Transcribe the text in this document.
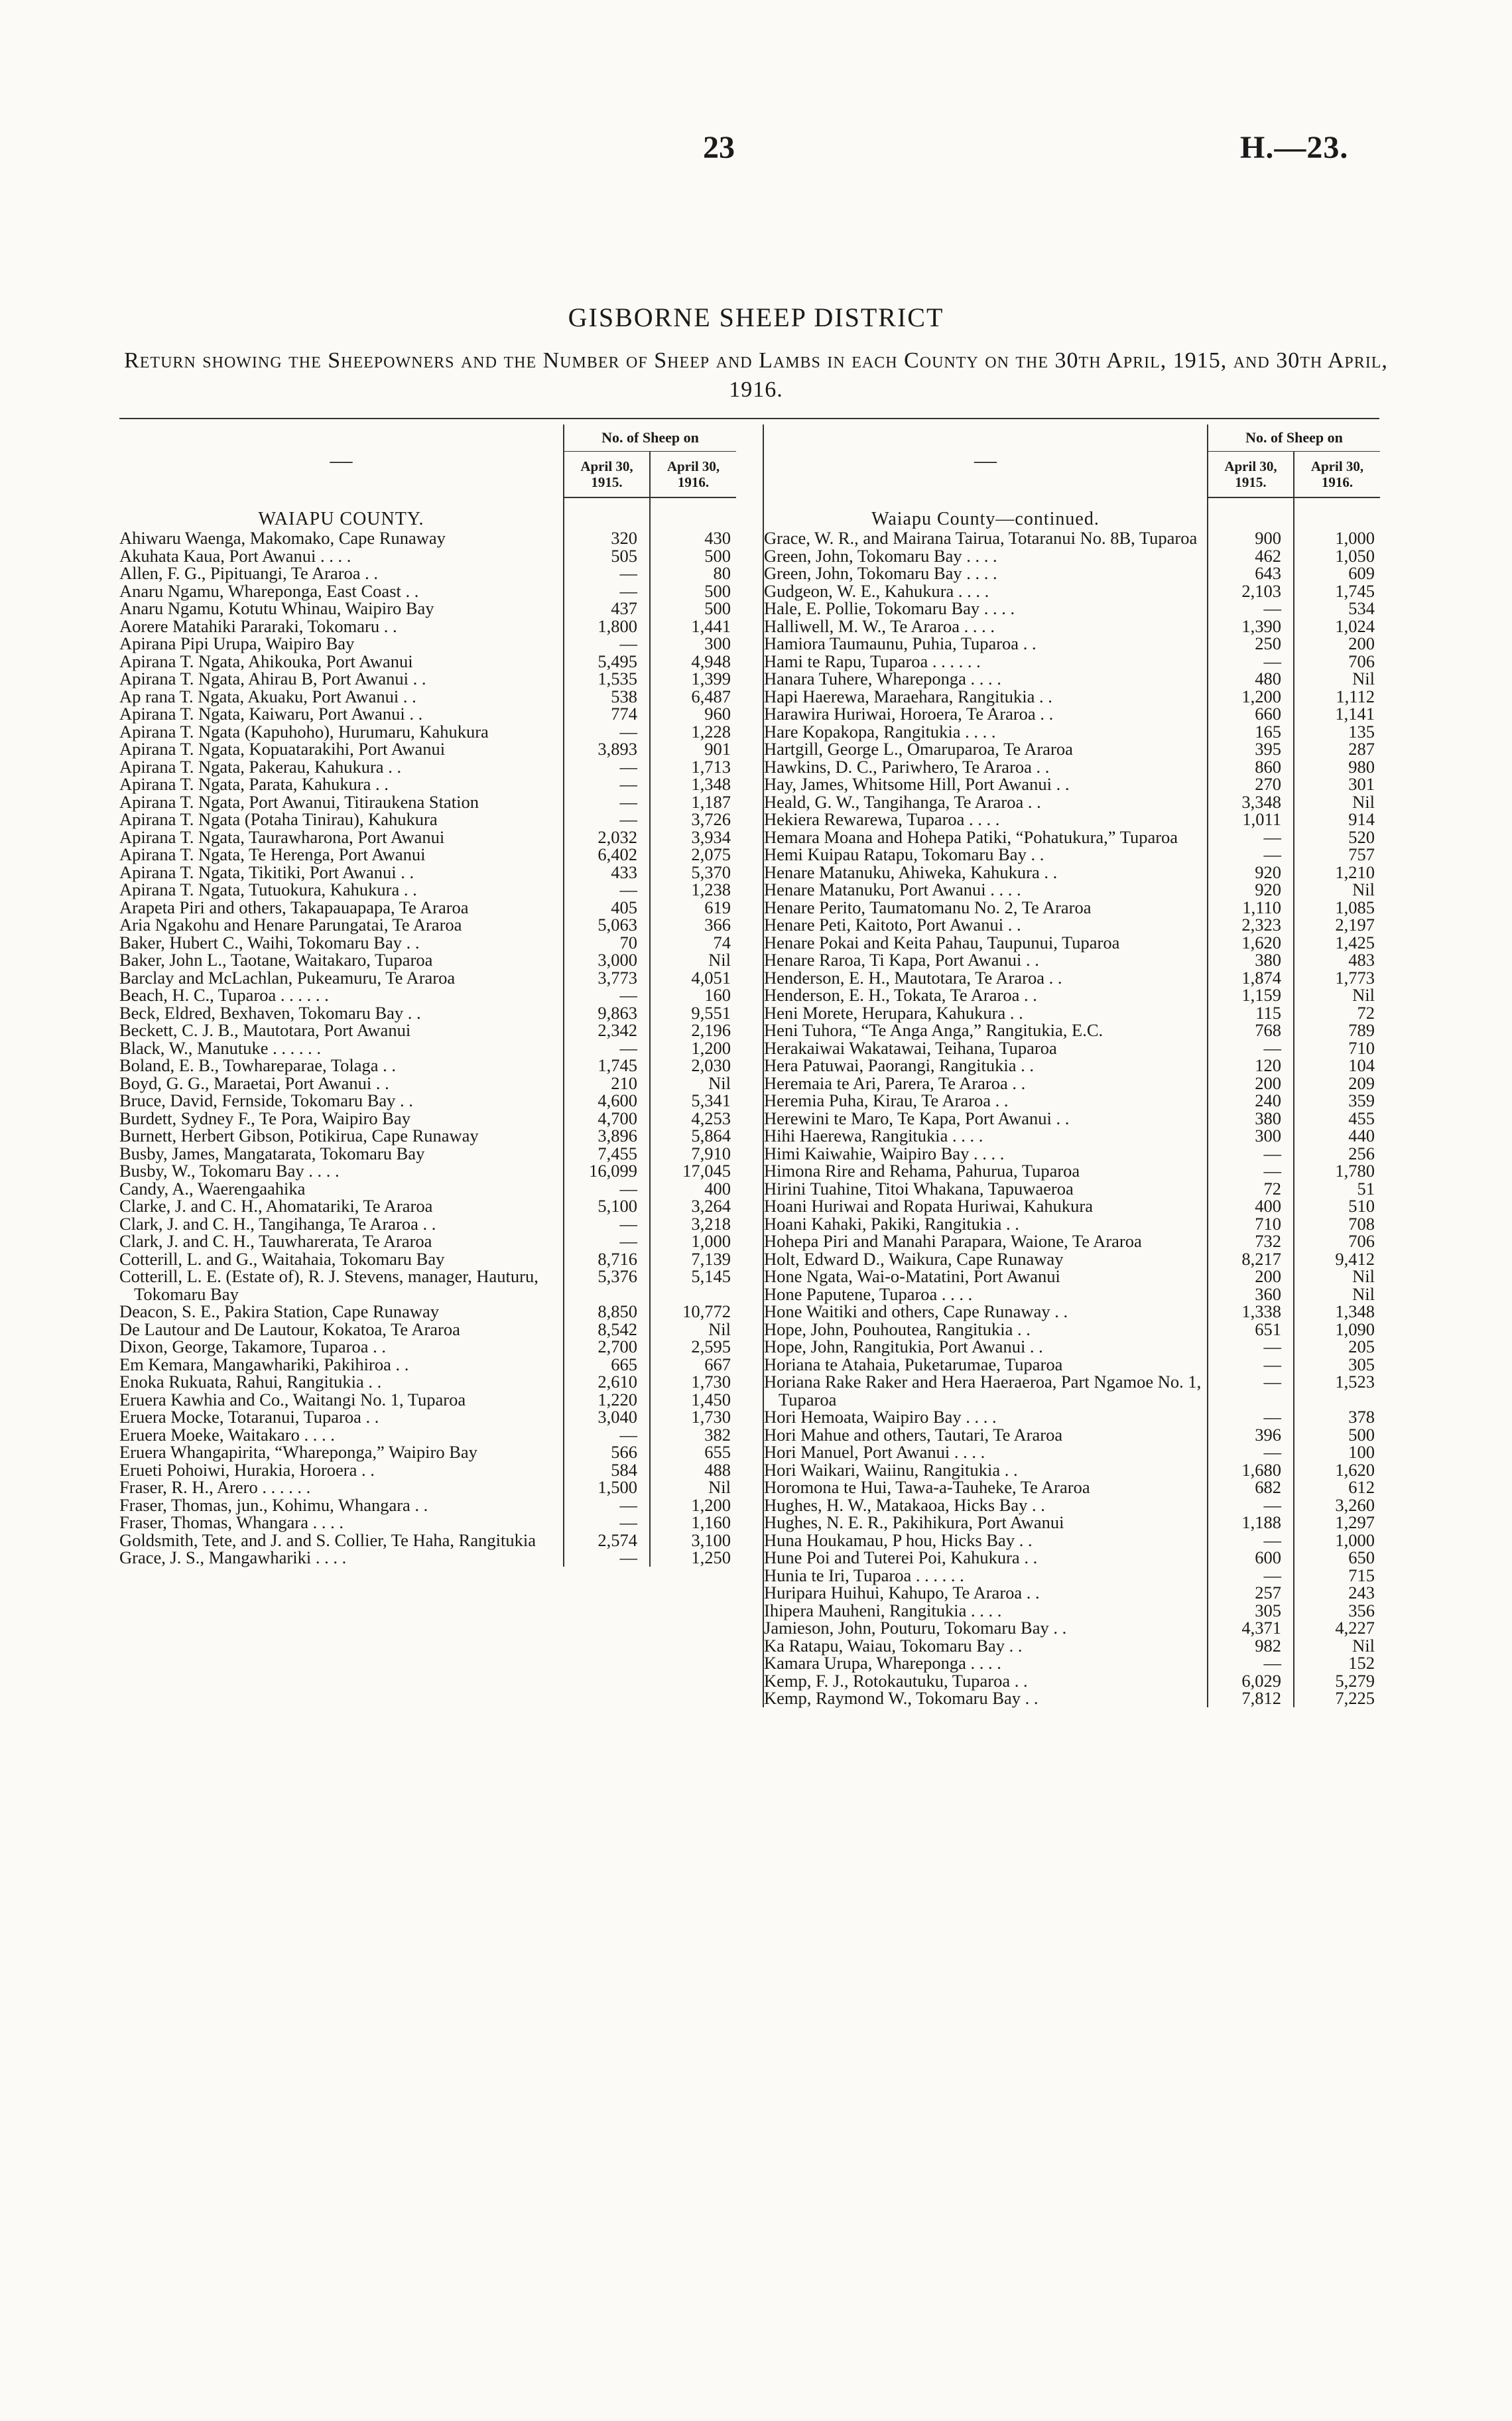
23	H.—23.
GISBORNE SHEEP DISTRICT
Return showing the Sheepowners and the Number of Sheep and Lambs in each County on the 30th April, 1915, and 30th April, 1916.
—	No. of Sheep on	
	April 30, 1915.	April 30, 1916.
WAIAPU COUNTY.		
Ahiwaru Waenga, Makomako, Cape Runaway	320	430
Akuhata Kaua, Port Awanui . . . .	505	500
Allen, F. G., Pipituangi, Te Araroa . .	—	80
Anaru Ngamu, Whareponga, East Coast . .	—	500
Anaru Ngamu, Kotutu Whinau, Waipiro Bay	437	500
Aorere Matahiki Pararaki, Tokomaru . .	1,800	1,441
Apirana Pipi Urupa, Waipiro Bay	—	300
Apirana T. Ngata, Ahikouka, Port Awanui	5,495	4,948
Apirana T. Ngata, Ahirau B, Port Awanui . .	1,535	1,399
Ap rana T. Ngata, Akuaku, Port Awanui . .	538	6,487
Apirana T. Ngata, Kaiwaru, Port Awanui . .	774	960
Apirana T. Ngata (Kapuhoho), Hurumaru, Kahukura	—	1,228
Apirana T. Ngata, Kopuatarakihi, Port Awanui	3,893	901
Apirana T. Ngata, Pakerau, Kahukura . .	—	1,713
Apirana T. Ngata, Parata, Kahukura . .	—	1,348
Apirana T. Ngata, Port Awanui, Titiraukena Station	—	1,187
Apirana T. Ngata (Potaha Tinirau), Kahukura	—	3,726
Apirana T. Ngata, Taurawharona, Port Awanui	2,032	3,934
Apirana T. Ngata, Te Herenga, Port Awanui	6,402	2,075
Apirana T. Ngata, Tikitiki, Port Awanui . .	433	5,370
Apirana T. Ngata, Tutuokura, Kahukura . .	—	1,238
Arapeta Piri and others, Takapauapapa, Te Araroa	405	619
Aria Ngakohu and Henare Parungatai, Te Araroa	5,063	366
Baker, Hubert C., Waihi, Tokomaru Bay . .	70	74
Baker, John L., Taotane, Waitakaro, Tuparoa	3,000	Nil
Barclay and McLachlan, Pukeamuru, Te Araroa	3,773	4,051
Beach, H. C., Tuparoa . . . . . .	—	160
Beck, Eldred, Bexhaven, Tokomaru Bay . .	9,863	9,551
Beckett, C. J. B., Mautotara, Port Awanui	2,342	2,196
Black, W., Manutuke . . . . . .	—	1,200
Boland, E. B., Towhareparae, Tolaga . .	1,745	2,030
Boyd, G. G., Maraetai, Port Awanui . .	210	Nil
Bruce, David, Fernside, Tokomaru Bay . .	4,600	5,341
Burdett, Sydney F., Te Pora, Waipiro Bay	4,700	4,253
Burnett, Herbert Gibson, Potikirua, Cape Runaway	3,896	5,864
Busby, James, Mangatarata, Tokomaru Bay	7,455	7,910
Busby, W., Tokomaru Bay . . . .	16,099	17,045
Candy, A., Waerengaahika	—	400
Clarke, J. and C. H., Ahomatariki, Te Araroa	5,100	3,264
Clark, J. and C. H., Tangihanga, Te Araroa . .	—	3,218
Clark, J. and C. H., Tauwharerata, Te Araroa	—	1,000
Cotterill, L. and G., Waitahaia, Tokomaru Bay	8,716	7,139
Cotterill, L. E. (Estate of), R. J. Stevens, manager, Hauturu, Tokomaru Bay	5,376	5,145
Deacon, S. E., Pakira Station, Cape Runaway	8,850	10,772
De Lautour and De Lautour, Kokatoa, Te Araroa	8,542	Nil
Dixon, George, Takamore, Tuparoa . .	2,700	2,595
Em Kemara, Mangawhariki, Pakihiroa . .	665	667
Enoka Rukuata, Rahui, Rangitukia . .	2,610	1,730
Eruera Kawhia and Co., Waitangi No. 1, Tuparoa	1,220	1,450
Eruera Mocke, Totaranui, Tuparoa . .	3,040	1,730
Eruera Moeke, Waitakaro . . . .	—	382
Eruera Whangapirita, “Whareponga,” Waipiro Bay	566	655
Erueti Pohoiwi, Hurakia, Horoera . .	584	488
Fraser, R. H., Arero . . . . . .	1,500	Nil
Fraser, Thomas, jun., Kohimu, Whangara . .	—	1,200
Fraser, Thomas, Whangara . . . .	—	1,160
Goldsmith, Tete, and J. and S. Collier, Te Haha, Rangitukia	2,574	3,100
Grace, J. S., Mangawhariki . . . .	—	1,250
—	No. of Sheep on	
	April 30, 1915.	April 30, 1916.
Waiapu County—continued.		
Grace, W. R., and Mairana Tairua, Totaranui No. 8B, Tuparoa	900	1,000
Green, John, Tokomaru Bay . . . .	462	1,050
Green, John, Tokomaru Bay . . . .	643	609
Gudgeon, W. E., Kahukura . . . .	2,103	1,745
Hale, E. Pollie, Tokomaru Bay . . . .	—	534
Halliwell, M. W., Te Araroa . . . .	1,390	1,024
Hamiora Taumaunu, Puhia, Tuparoa . .	250	200
Hami te Rapu, Tuparoa . . . . . .	—	706
Hanara Tuhere, Whareponga . . . .	480	Nil
Hapi Haerewa, Maraehara, Rangitukia . .	1,200	1,112
Harawira Huriwai, Horoera, Te Araroa . .	660	1,141
Hare Kopakopa, Rangitukia . . . .	165	135
Hartgill, George L., Omaruparoa, Te Araroa	395	287
Hawkins, D. C., Pariwhero, Te Araroa . .	860	980
Hay, James, Whitsome Hill, Port Awanui . .	270	301
Heald, G. W., Tangihanga, Te Araroa . .	3,348	Nil
Hekiera Rewarewa, Tuparoa . . . .	1,011	914
Hemara Moana and Hohepa Patiki, “Pohatukura,” Tuparoa	—	520
Hemi Kuipau Ratapu, Tokomaru Bay . .	—	757
Henare Matanuku, Ahiweka, Kahukura . .	920	1,210
Henare Matanuku, Port Awanui . . . .	920	Nil
Henare Perito, Taumatomanu No. 2, Te Araroa	1,110	1,085
Henare Peti, Kaitoto, Port Awanui . .	2,323	2,197
Henare Pokai and Keita Pahau, Taupunui, Tuparoa	1,620	1,425
Henare Raroa, Ti Kapa, Port Awanui . .	380	483
Henderson, E. H., Mautotara, Te Araroa . .	1,874	1,773
Henderson, E. H., Tokata, Te Araroa . .	1,159	Nil
Heni Morete, Herupara, Kahukura . .	115	72
Heni Tuhora, “Te Anga Anga,” Rangitukia, E.C.	768	789
Herakaiwai Wakatawai, Teihana, Tuparoa	—	710
Hera Patuwai, Paorangi, Rangitukia . .	120	104
Heremaia te Ari, Parera, Te Araroa . .	200	209
Heremia Puha, Kirau, Te Araroa . .	240	359
Herewini te Maro, Te Kapa, Port Awanui . .	380	455
Hihi Haerewa, Rangitukia . . . .	300	440
Himi Kaiwahie, Waipiro Bay . . . .	—	256
Himona Rire and Rehama, Pahurua, Tuparoa	—	1,780
Hirini Tuahine, Titoi Whakana, Tapuwaeroa	72	51
Hoani Huriwai and Ropata Huriwai, Kahukura	400	510
Hoani Kahaki, Pakiki, Rangitukia . .	710	708
Hohepa Piri and Manahi Parapara, Waione, Te Araroa	732	706
Holt, Edward D., Waikura, Cape Runaway	8,217	9,412
Hone Ngata, Wai-o-Matatini, Port Awanui	200	Nil
Hone Paputene, Tuparoa . . . .	360	Nil
Hone Waitiki and others, Cape Runaway . .	1,338	1,348
Hope, John, Pouhoutea, Rangitukia . .	651	1,090
Hope, John, Rangitukia, Port Awanui . .	—	205
Horiana te Atahaia, Puketarumae, Tuparoa	—	305
Horiana Rake Raker and Hera Haeraeroa, Part Ngamoe No. 1, Tuparoa	—	1,523
Hori Hemoata, Waipiro Bay . . . .	—	378
Hori Mahue and others, Tautari, Te Araroa	396	500
Hori Manuel, Port Awanui . . . .	—	100
Hori Waikari, Waiinu, Rangitukia . .	1,680	1,620
Horomona te Hui, Tawa-a-Tauheke, Te Araroa	682	612
Hughes, H. W., Matakaoa, Hicks Bay . .	—	3,260
Hughes, N. E. R., Pakihikura, Port Awanui	1,188	1,297
Huna Houkamau, P hou, Hicks Bay . .	—	1,000
Hune Poi and Tuterei Poi, Kahukura . .	600	650
Hunia te Iri, Tuparoa . . . . . .	—	715
Huripara Huihui, Kahupo, Te Araroa . .	257	243
Ihipera Mauheni, Rangitukia . . . .	305	356
Jamieson, John, Pouturu, Tokomaru Bay . .	4,371	4,227
Ka Ratapu, Waiau, Tokomaru Bay . .	982	Nil
Kamara Urupa, Whareponga . . . .	—	152
Kemp, F. J., Rotokautuku, Tuparoa . .	6,029	5,279
Kemp, Raymond W., Tokomaru Bay . .	7,812	7,225
